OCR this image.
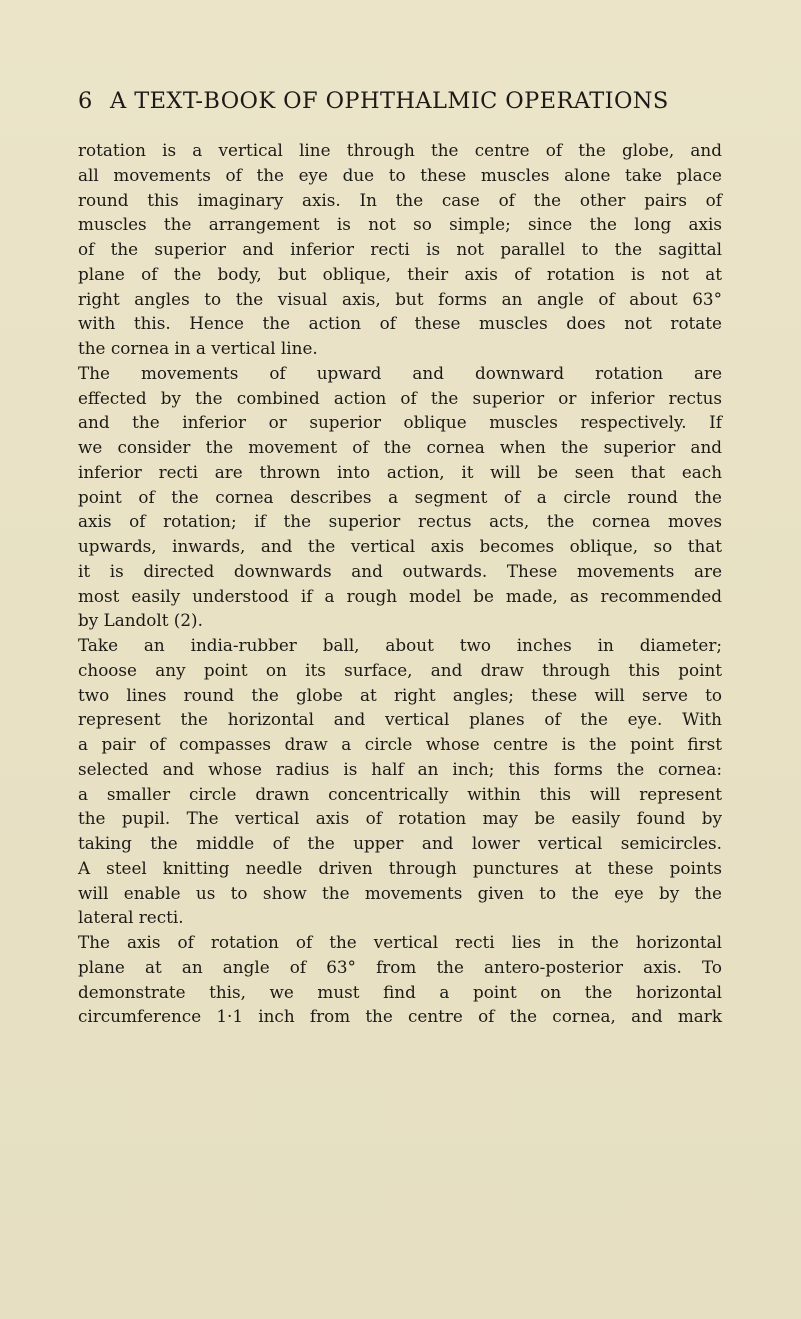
6 A TEXT-BOOK OF OPHTHALMIC OPERATIONS
rotation is a vertical line through the centre of the globe, and
all movements of the eye due to these muscles alone take place
round this imaginary axis. In the case of the other pairs of
muscles the arrangement is not so simple; since the long axis
of the superior and inferior recti is not parallel to the sagittal
plane of the body, but oblique, their axis of rotation is not at
right angles to the visual axis, but forms an angle of about 63°
with this. Hence the action of these muscles does not rotate
the cornea in a vertical line.
The movements of upward and downward rotation are
effected by the combined action of the superior or inferior rectus
and the inferior or superior oblique muscles respectively. If
we consider the movement of the cornea when the superior and
inferior recti are thrown into action, it will be seen that each
point of the cornea describes a segment of a circle round the
axis of rotation; if the superior rectus acts, the cornea moves
upwards, inwards, and the vertical axis becomes oblique, so that
it is directed downwards and outwards. These movements are
most easily understood if a rough model be made, as recommended
by Landolt (2).
Take an india-rubber ball, about two inches in diameter;
choose any point on its surface, and draw through this point
two lines round the globe at right angles; these will serve to
represent the horizontal and vertical planes of the eye. With
a pair of compasses draw a circle whose centre is the point first
selected and whose radius is half an inch; this forms the cornea:
a smaller circle drawn concentrically within this will represent
the pupil. The vertical axis of rotation may be easily found by
taking the middle of the upper and lower vertical semicircles.
A steel knitting needle driven through punctures at these points
will enable us to show the movements given to the eye by the
lateral recti.
The axis of rotation of the vertical recti lies in the horizontal
plane at an angle of 63° from the antero-posterior axis. To
demonstrate this, we must find a point on the horizontal
circumference 1·1 inch from the centre of the cornea, and mark
